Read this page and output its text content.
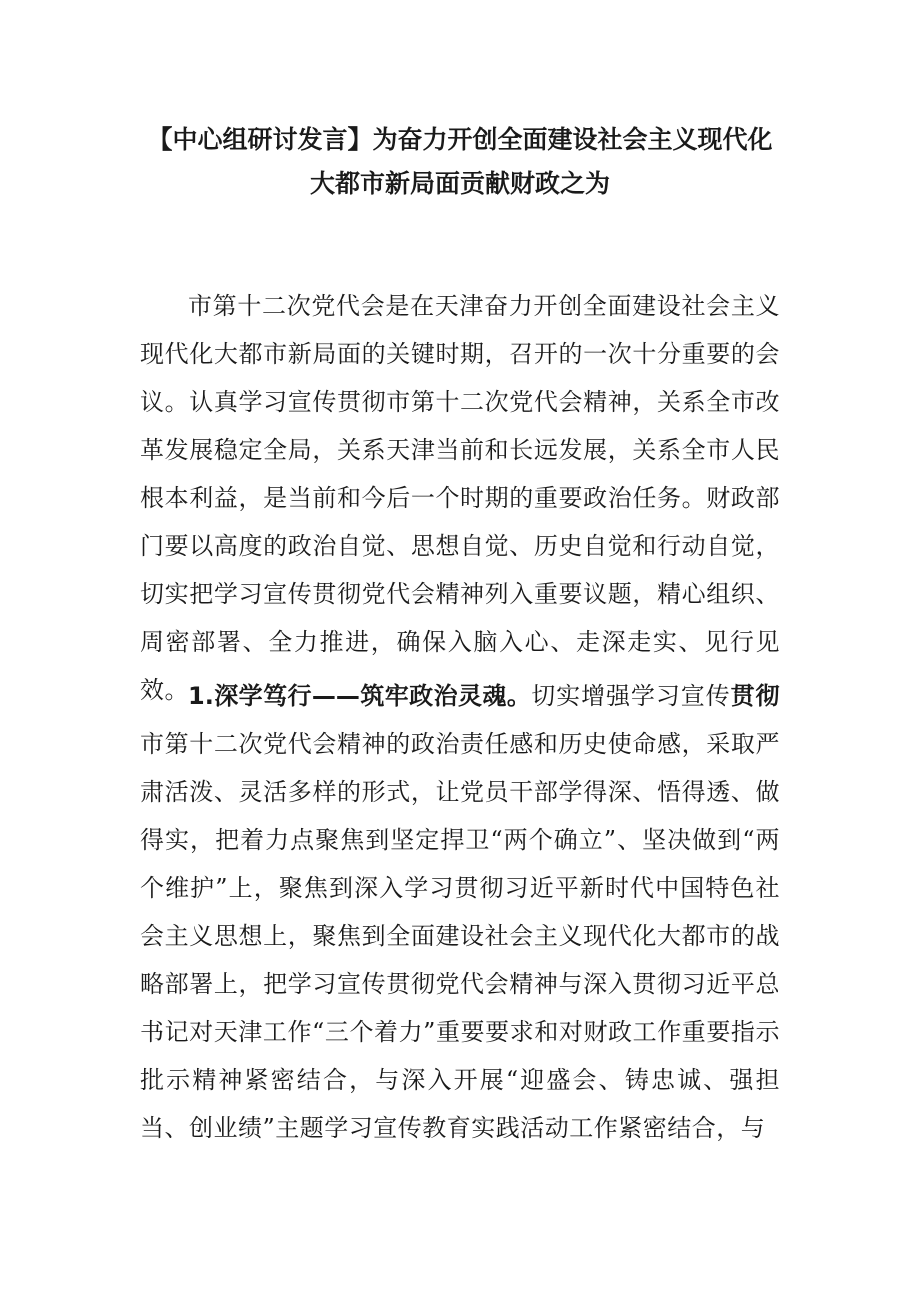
【中心组研讨发言】为奋力开创全面建设社会主义现代化大都市新局面贡献财政之为

市第十二次党代会是在天津奋力开创全面建设社会主义现代化大都市新局面的关键时期，召开的一次十分重要的会议。认真学习宣传贯彻市第十二次党代会精神，关系全市改革发展稳定全局，关系天津当前和长远发展，关系全市人民根本利益，是当前和今后一个时期的重要政治任务。财政部门要以高度的政治自觉、思想自觉、历史自觉和行动自觉，切实把学习宣传贯彻党代会精神列入重要议题，精心组织、周密部署、全力推进，确保入脑入心、走深走实、见行见效。 1.深学笃行——筑牢政治灵魂。切实增强学习宣传贯彻市第十二次党代会精神的政治责任感和历史使命感，采取严肃活泼、灵活多样的形式，让党员干部学得深、悟得透、做得实，把着力点聚焦到坚定捍卫“两个确立”、坚决做到“两个维护”上，聚焦到深入学习贯彻习近平新时代中国特色社会主义思想上，聚焦到全面建设社会主义现代化大都市的战略部署上，把学习宣传贯彻党代会精神与深入贯彻习近平总书记对天津工作“三个着力”重要要求和对财政工作重要指示批示精神紧密结合，与深入开展“迎盛会、铸忠诚、强担当、创业绩”主题学习宣传教育实践活动工作紧密结合，与
